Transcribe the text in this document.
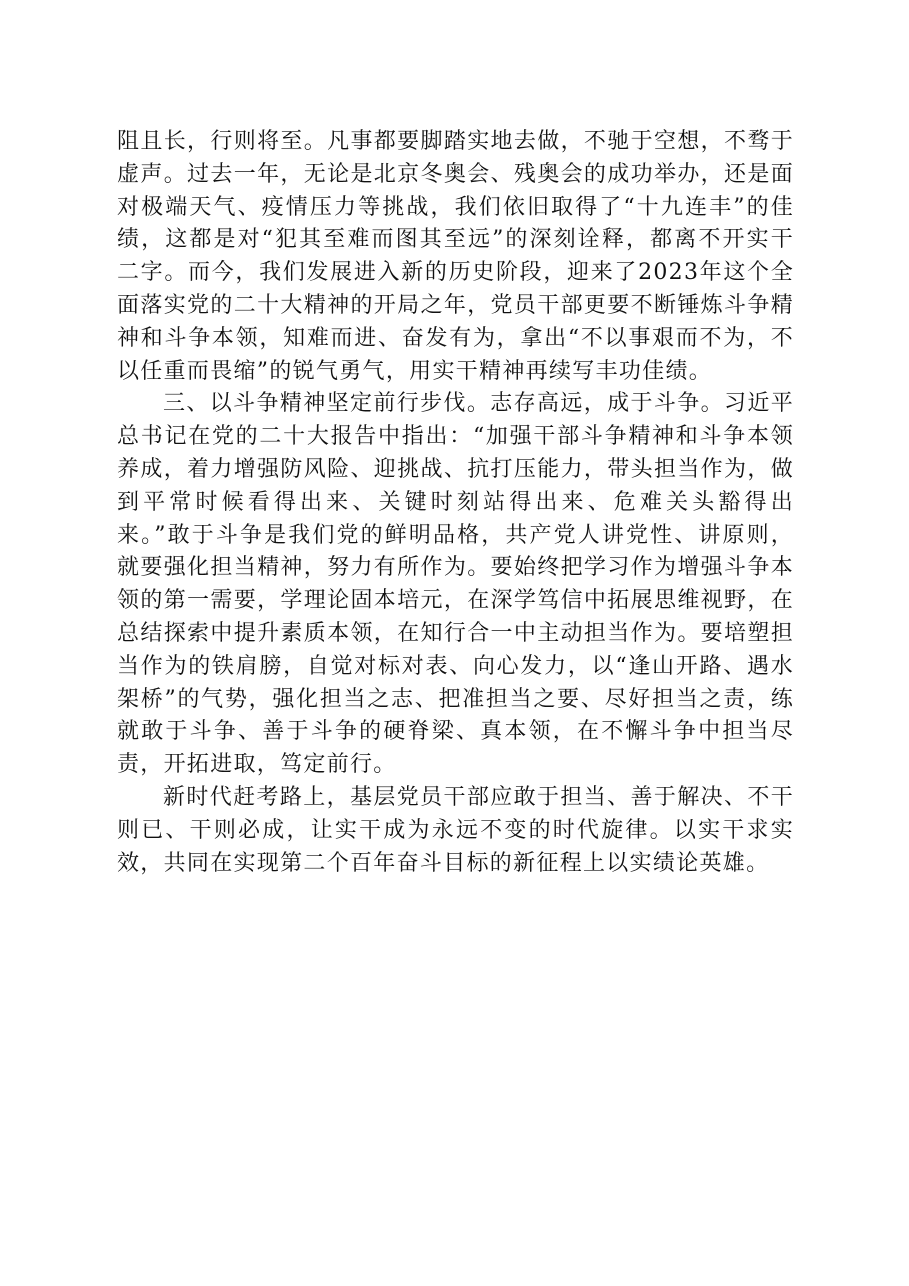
阻且长，行则将至。凡事都要脚踏实地去做，不驰于空想，不骛于虚声。过去一年，无论是北京冬奥会、残奥会的成功举办，还是面对极端天气、疫情压力等挑战，我们依旧取得了“十九连丰”的佳绩，这都是对“犯其至难而图其至远”的深刻诠释，都离不开实干二字。而今，我们发展进入新的历史阶段，迎来了2023年这个全面落实党的二十大精神的开局之年，党员干部更要不断锤炼斗争精神和斗争本领，知难而进、奋发有为，拿出“不以事艰而不为，不以任重而畏缩”的锐气勇气，用实干精神再续写丰功佳绩。

三、以斗争精神坚定前行步伐。志存高远，成于斗争。习近平总书记在党的二十大报告中指出：“加强干部斗争精神和斗争本领养成，着力增强防风险、迎挑战、抗打压能力，带头担当作为，做到平常时候看得出来、关键时刻站得出来、危难关头豁得出来。”敢于斗争是我们党的鲜明品格，共产党人讲党性、讲原则，就要强化担当精神，努力有所作为。要始终把学习作为增强斗争本领的第一需要，学理论固本培元，在深学笃信中拓展思维视野，在总结探索中提升素质本领，在知行合一中主动担当作为。要培塑担当作为的铁肩膀，自觉对标对表、向心发力，以“逢山开路、遇水架桥”的气势，强化担当之志、把准担当之要、尽好担当之责，练就敢于斗争、善于斗争的硬脊梁、真本领，在不懈斗争中担当尽责，开拓进取，笃定前行。

新时代赶考路上，基层党员干部应敢于担当、善于解决、不干则已、干则必成，让实干成为永远不变的时代旋律。以实干求实效，共同在实现第二个百年奋斗目标的新征程上以实绩论英雄。
